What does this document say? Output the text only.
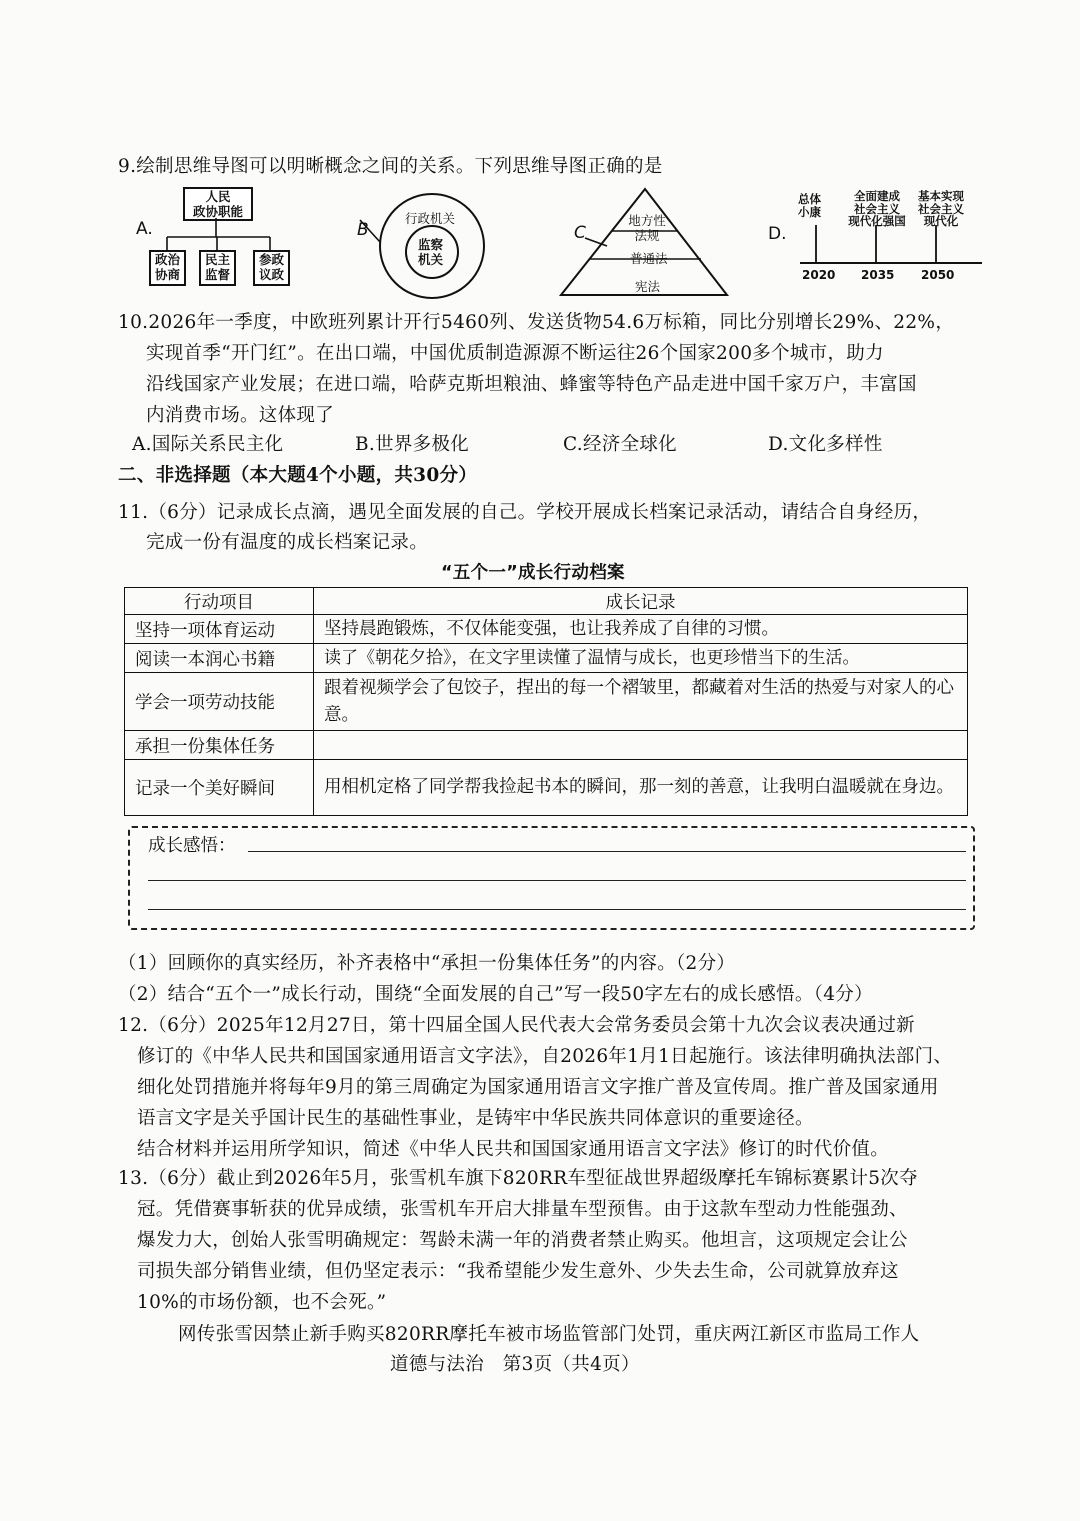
9.绘制思维导图可以明晰概念之间的关系。下列思维导图正确的是
A.
人民
政协职能
政治
协商
民主
监督
参政
议政
B
行政机关
监察
机关
C
地方性
法规
普通法
宪法
D.
总体
小康
全面建成
社会主义
现代化强国
基本实现
社会主义
现代化
2020 2035 2050
10.2026年一季度，中欧班列累计开行5460列、发送货物54.6万标箱，同比分别增长29%、22%，
实现首季“开门红”。在出口端，中国优质制造源源不断运往26个国家200多个城市，助力
沿线国家产业发展；在进口端，哈萨克斯坦粮油、蜂蜜等特色产品走进中国千家万户，丰富国
内消费市场。这体现了
A.国际关系民主化	B.世界多极化	C.经济全球化	D.文化多样性
二、非选择题（本大题4个小题，共30分）
11.（6分）记录成长点滴，遇见全面发展的自己。学校开展成长档案记录活动，请结合自身经历，
完成一份有温度的成长档案记录。
“五个一”成长行动档案
行动项目	成长记录
坚持一项体育运动	坚持晨跑锻炼，不仅体能变强，也让我养成了自律的习惯。
阅读一本润心书籍	读了《朝花夕拾》，在文字里读懂了温情与成长，也更珍惜当下的生活。
学会一项劳动技能	跟着视频学会了包饺子，捏出的每一个褶皱里，都藏着对生活的热爱与对家人的心意。
承担一份集体任务	
记录一个美好瞬间	用相机定格了同学帮我捡起书本的瞬间，那一刻的善意，让我明白温暖就在身边。
成长感悟：
（1）回顾你的真实经历，补齐表格中“承担一份集体任务”的内容。（2分）
（2）结合“五个一”成长行动，围绕“全面发展的自己”写一段50字左右的成长感悟。（4分）
12.（6分）2025年12月27日，第十四届全国人民代表大会常务委员会第十九次会议表决通过新
修订的《中华人民共和国国家通用语言文字法》，自2026年1月1日起施行。该法律明确执法部门、
细化处罚措施并将每年9月的第三周确定为国家通用语言文字推广普及宣传周。推广普及国家通用
语言文字是关乎国计民生的基础性事业，是铸牢中华民族共同体意识的重要途径。
结合材料并运用所学知识，简述《中华人民共和国国家通用语言文字法》修订的时代价值。
13.（6分）截止到2026年5月，张雪机车旗下820RR车型征战世界超级摩托车锦标赛累计5次夺
冠。凭借赛事斩获的优异成绩，张雪机车开启大排量车型预售。由于这款车型动力性能强劲、
爆发力大，创始人张雪明确规定：驾龄未满一年的消费者禁止购买。他坦言，这项规定会让公
司损失部分销售业绩，但仍坚定表示：“我希望能少发生意外、少失去生命，公司就算放弃这
10%的市场份额，也不会死。”
网传张雪因禁止新手购买820RR摩托车被市场监管部门处罚，重庆两江新区市监局工作人
道德与法治　第3页（共4页）
